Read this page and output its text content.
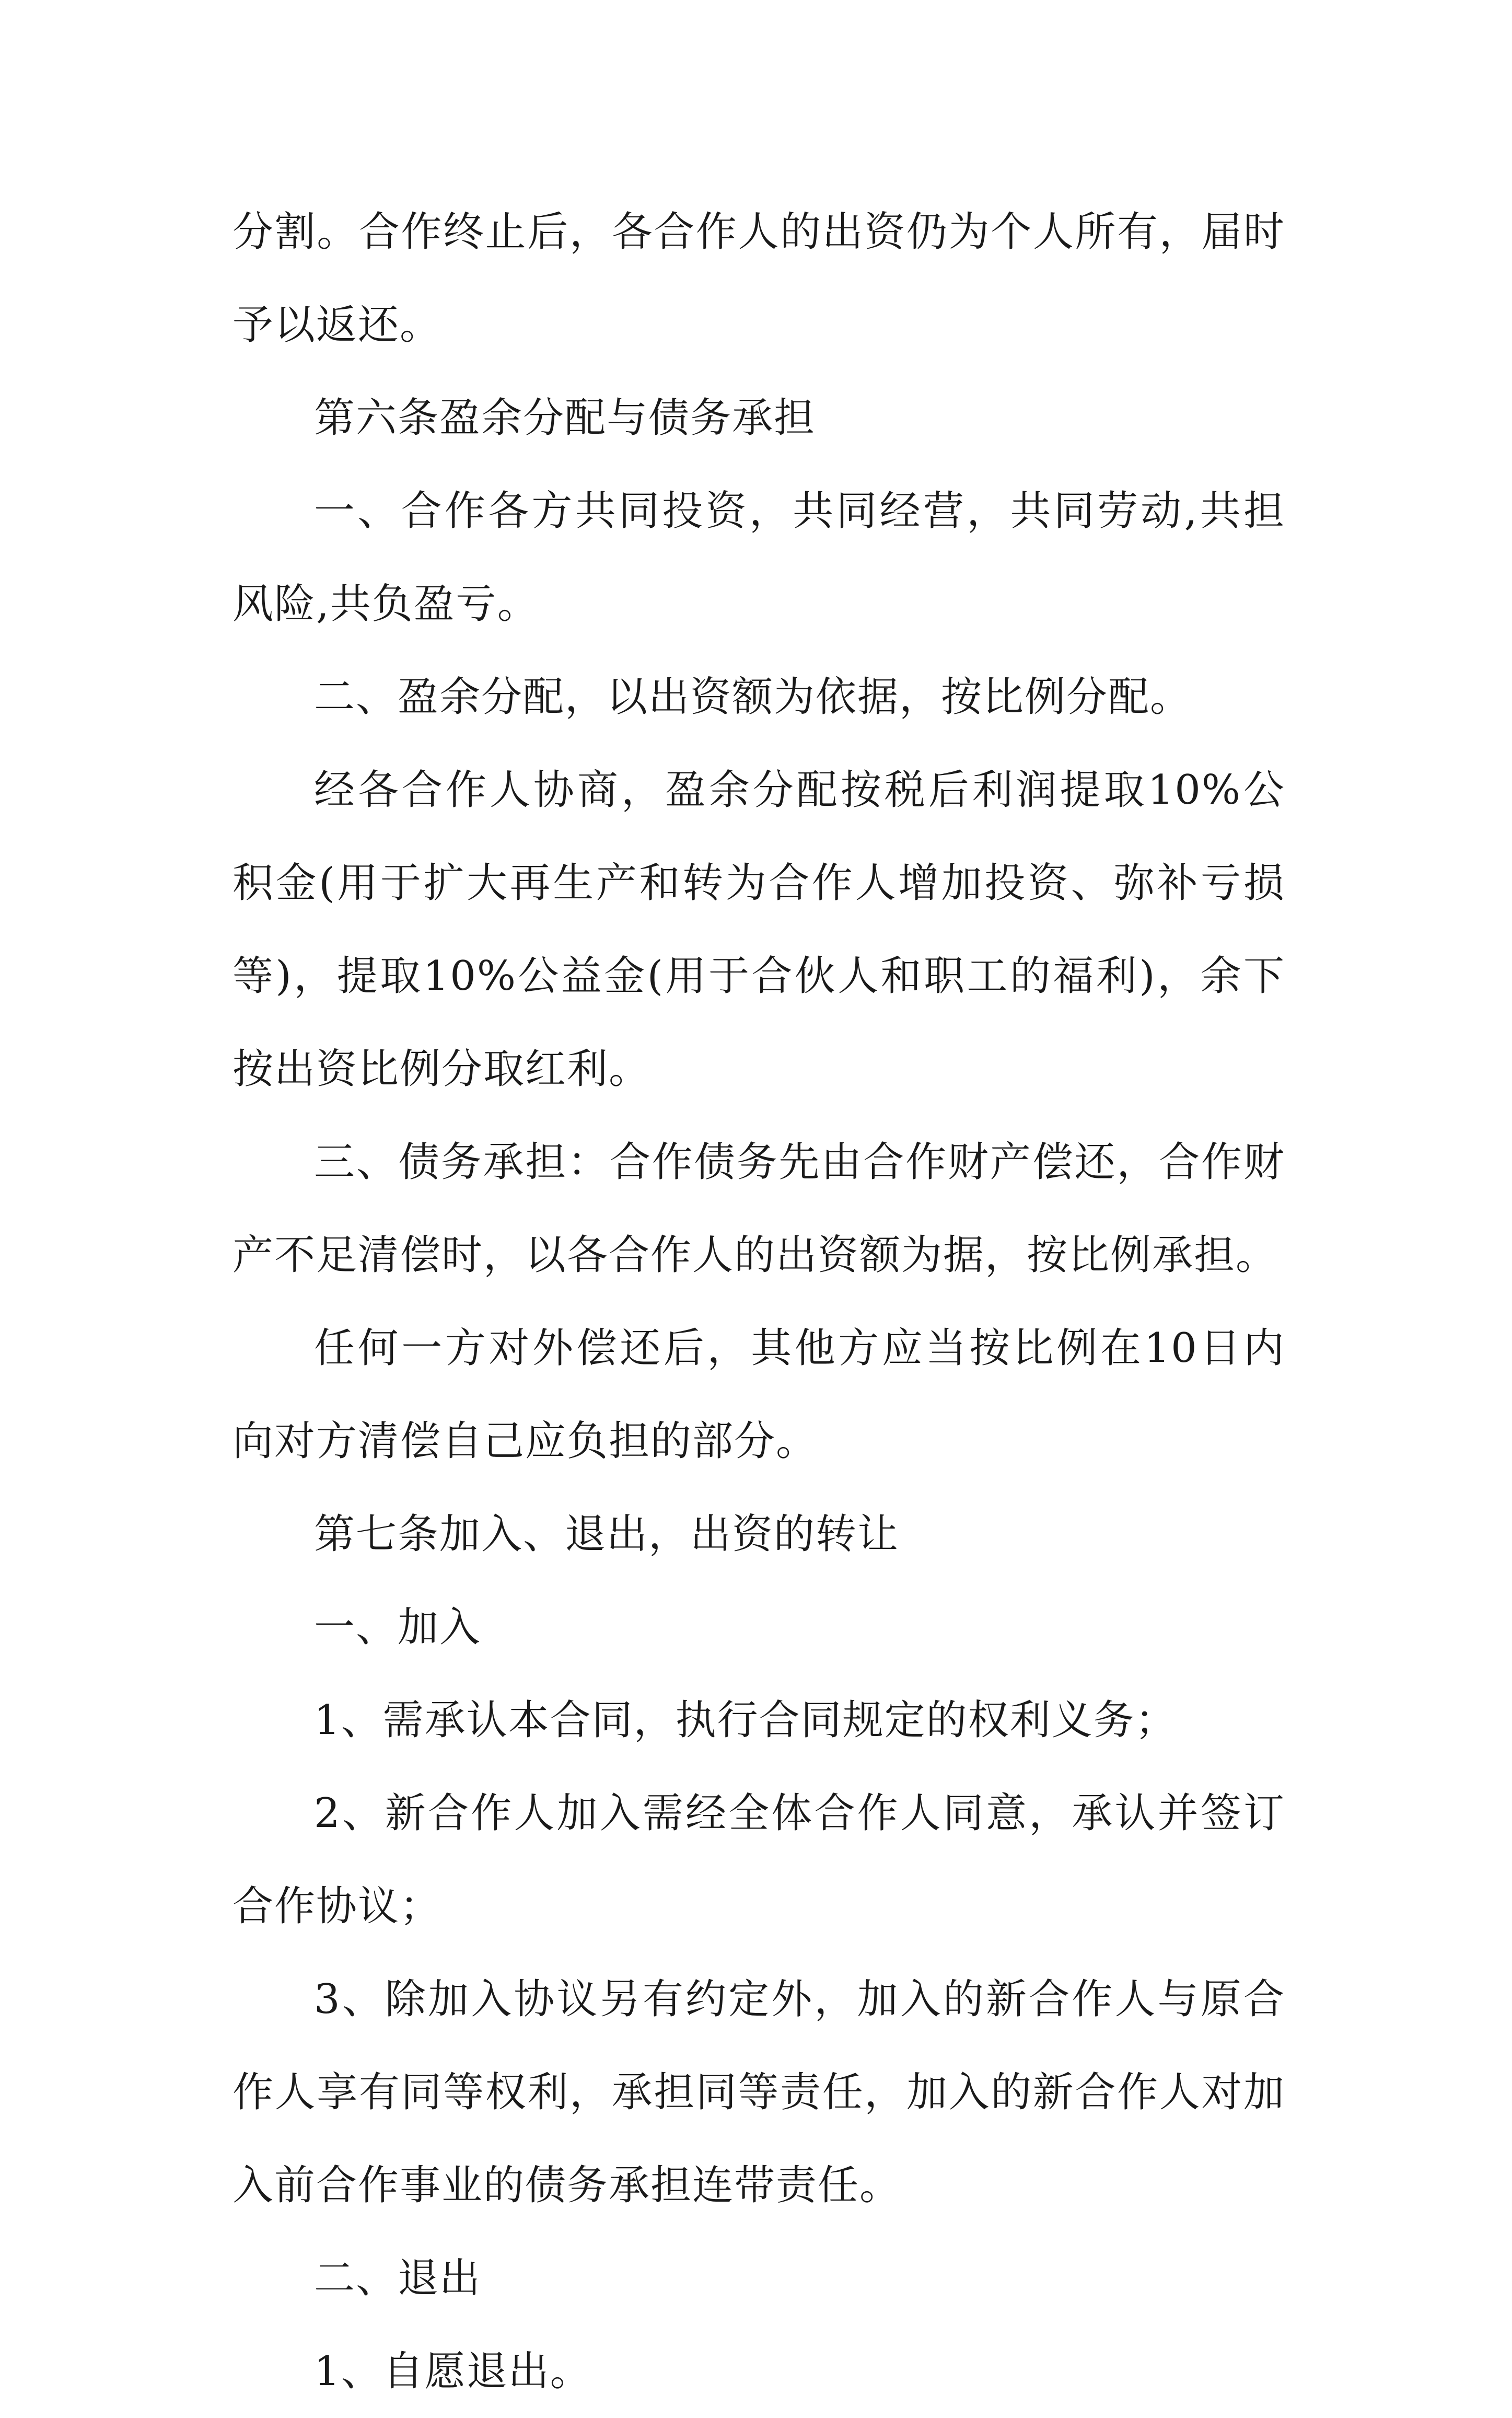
分割。合作终止后，各合作人的出资仍为个人所有，届时予以返还。

第六条盈余分配与债务承担

一、合作各方共同投资，共同经营，共同劳动,共担风险,共负盈亏。

二、盈余分配，以出资额为依据，按比例分配。

经各合作人协商，盈余分配按税后利润提取10%公积金(用于扩大再生产和转为合作人增加投资、弥补亏损等)，提取10%公益金(用于合伙人和职工的福利)，余下按出资比例分取红利。

三、债务承担：合作债务先由合作财产偿还，合作财产不足清偿时，以各合作人的出资额为据，按比例承担。

任何一方对外偿还后，其他方应当按比例在10日内向对方清偿自己应负担的部分。

第七条加入、退出，出资的转让

一、加入

1、需承认本合同，执行合同规定的权利义务；

2、新合作人加入需经全体合作人同意，承认并签订合作协议；

3、除加入协议另有约定外，加入的新合作人与原合作人享有同等权利，承担同等责任，加入的新合作人对加入前合作事业的债务承担连带责任。

二、退出

1、自愿退出。
